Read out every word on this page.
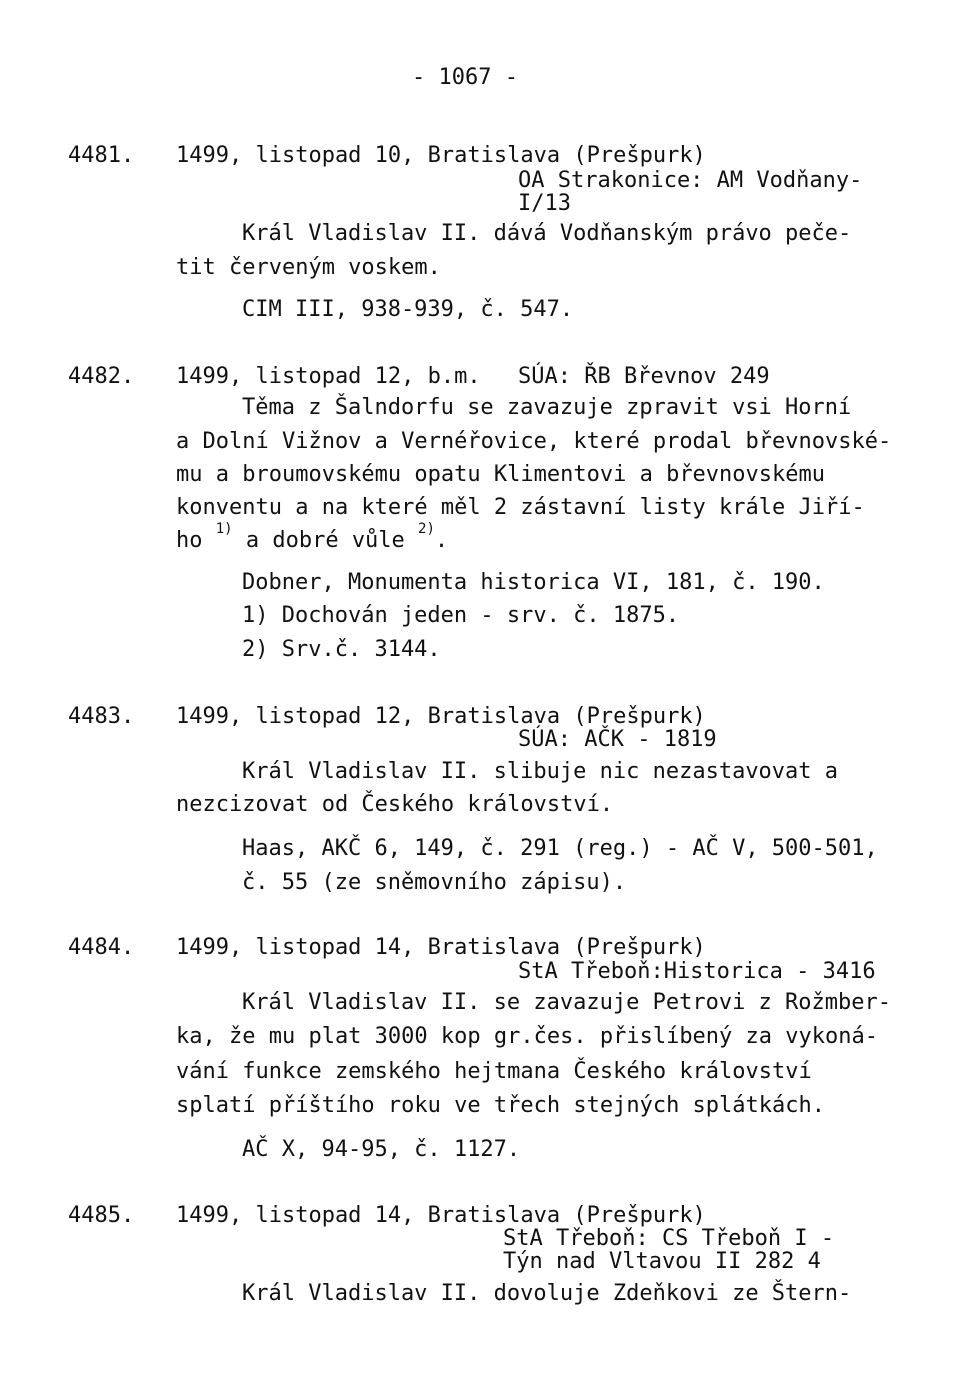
- 1067 -
4481. 1499, listopad 10, Bratislava (Prešpurk)
OA Strakonice: AM Vodňany-
I/13
Král Vladislav II. dává Vodňanským právo peče-
tit červeným voskem.
CIM III, 938-939, č. 547.
4482. 1499, listopad 12, b.m. SÚA: ŘB Břevnov 249
Těma z Šalndorfu se zavazuje zpravit vsi Horní
a Dolní Vižnov a Vernéřovice, které prodal břevnovské-
mu a broumovskému opatu Klimentovi a břevnovskému
konventu a na které měl 2 zástavní listy krále Jiří-
ho $^{1)}$ a dobré vůle $^{2)}$.
Dobner, Monumenta historica VI, 181, č. 190.
1) Dochován jeden - srv. č. 1875.
2) Srv.č. 3144.
4483. 1499, listopad 12, Bratislava (Prešpurk)
SÚA: AČK - 1819
Král Vladislav II. slibuje nic nezastavovat a
nezcizovat od Českého království.
Haas, AKČ 6, 149, č. 291 (reg.) - AČ V, 500-501,
č. 55 (ze sněmovního zápisu).
4484. 1499, listopad 14, Bratislava (Prešpurk)
StA Třeboň:Historica - 3416
Král Vladislav II. se zavazuje Petrovi z Rožmber-
ka, že mu plat 3000 kop gr.čes. přislíbený za vykoná-
vání funkce zemského hejtmana Českého království
splatí příštího roku ve třech stejných splátkách.
AČ X, 94-95, č. 1127.
4485. 1499, listopad 14, Bratislava (Prešpurk)
StA Třeboň: CS Třeboň I -
Týn nad Vltavou II 282 4
Král Vladislav II. dovoluje Zdeňkovi ze Štern-
